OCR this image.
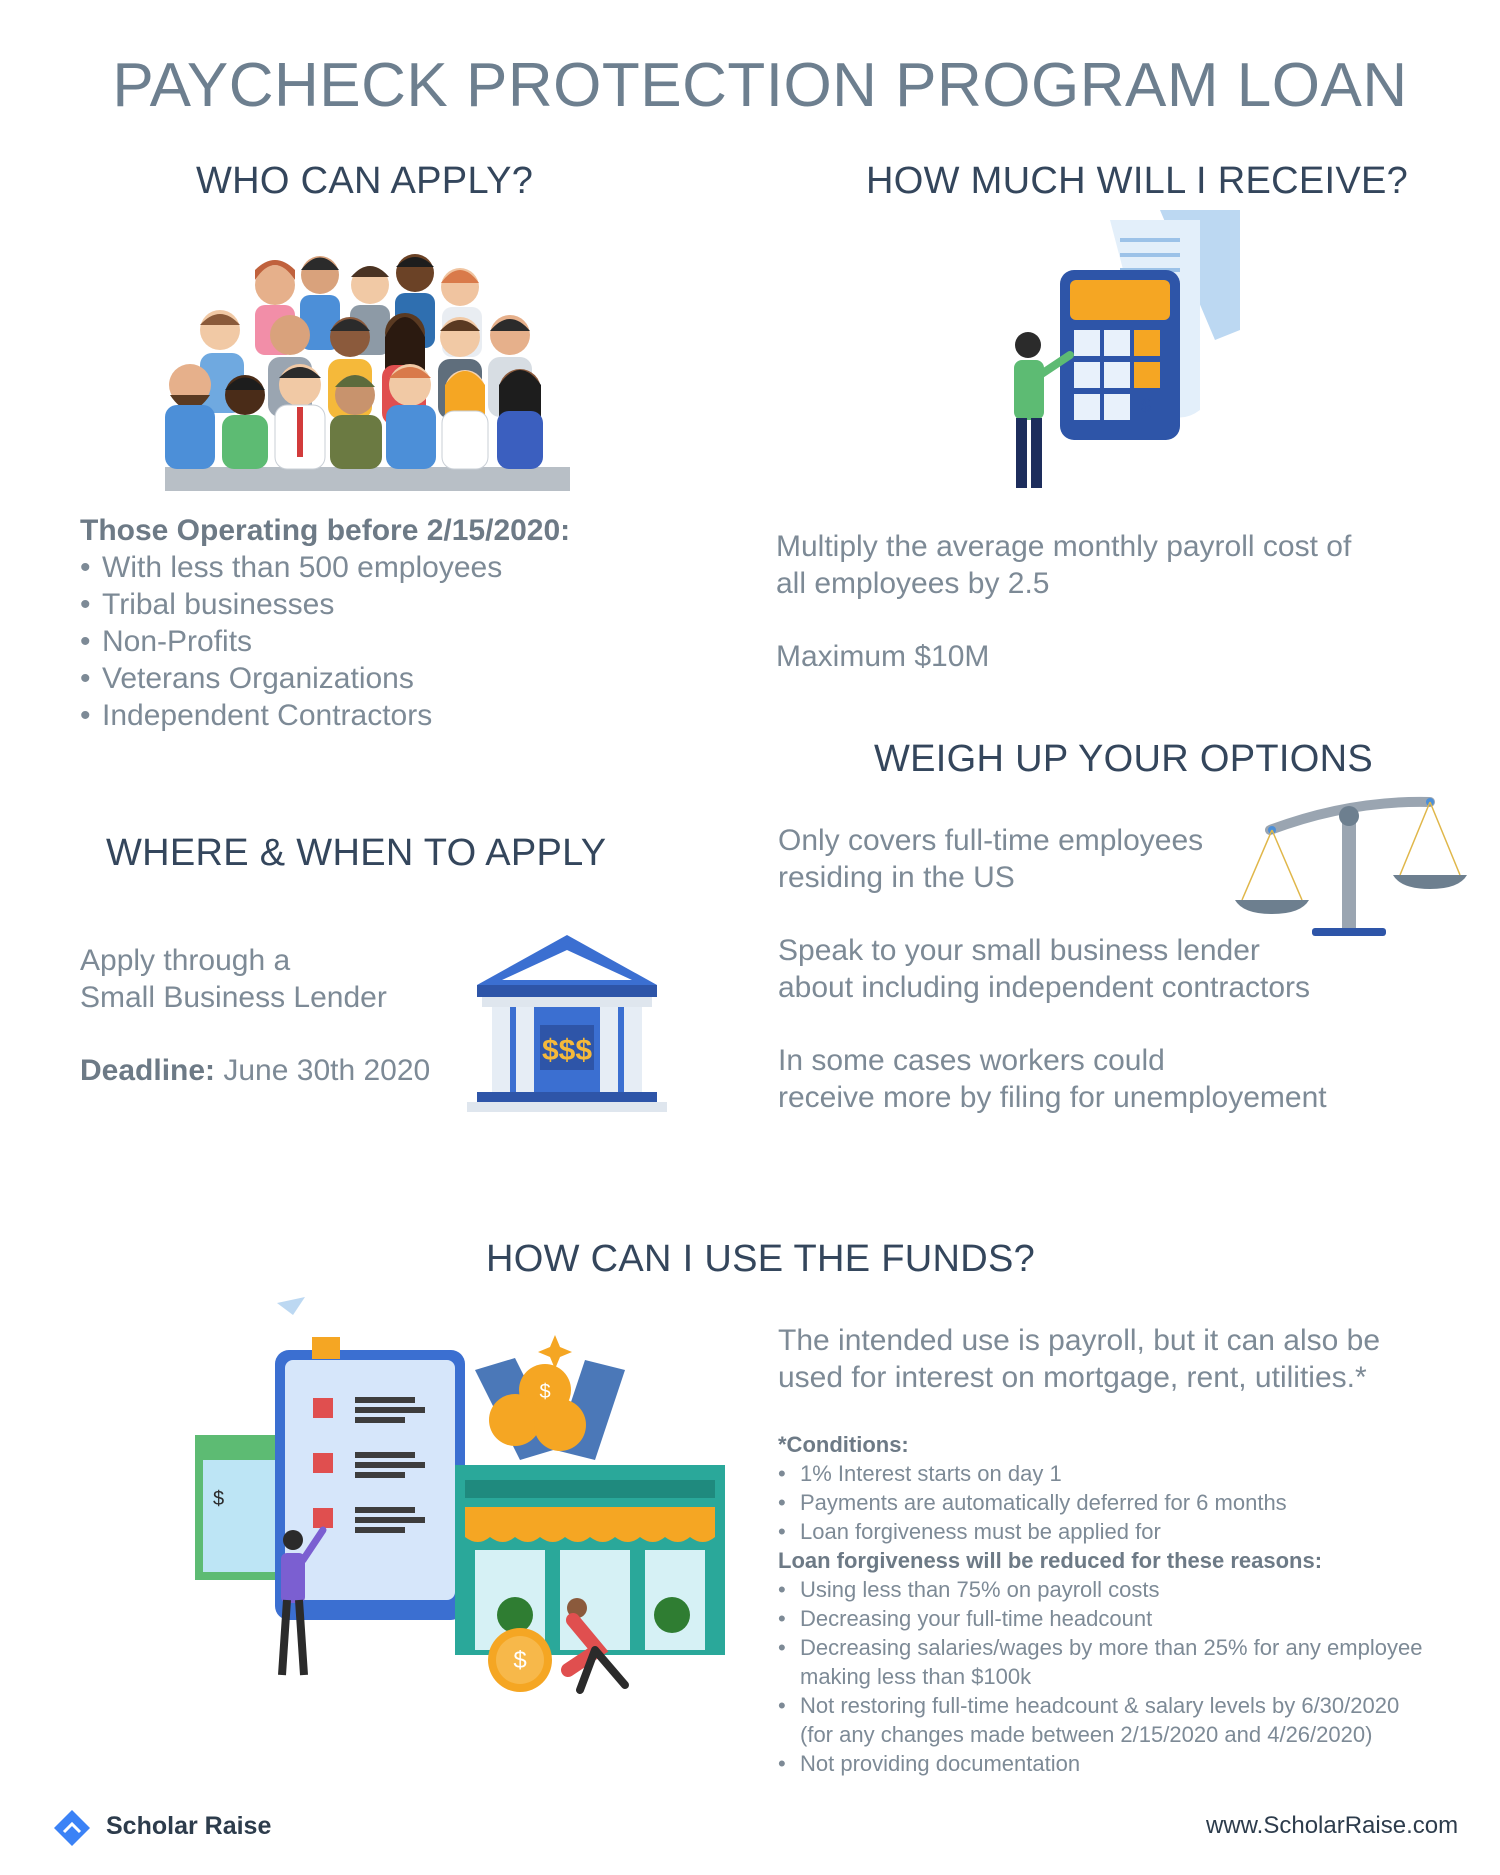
PAYCHECK PROTECTION PROGRAM LOAN
WHO CAN APPLY?
Those Operating before 2/15/2020:
• With less than 500 employees
• Tribal businesses
• Non-Profits
• Veterans Organizations
• Independent Contractors
HOW MUCH WILL I RECEIVE?
$
Multiply the average monthly payroll cost of
all employees by 2.5
Maximum $10M
WHERE & WHEN TO APPLY
Apply through a
Small Business Lender
Deadline: June 30th 2020
$$$
WEIGH UP YOUR OPTIONS
Only covers full-time employees
residing in the US
Speak to your small business lender
about including independent contractors
In some cases workers could
receive more by filing for unemployement
HOW CAN I USE THE FUNDS?
$
$
$
The intended use is payroll, but it can also be
used for interest on mortgage, rent, utilities.*
*Conditions:
• 1% Interest starts on day 1
• Payments are automatically deferred for 6 months
• Loan forgiveness must be applied for
Loan forgiveness will be reduced for these reasons:
• Using less than 75% on payroll costs
• Decreasing your full-time headcount
• Decreasing salaries/wages by more than 25% for any employee
making less than $100k
• Not restoring full-time headcount & salary levels by 6/30/2020
(for any changes made between 2/15/2020 and 4/26/2020)
• Not providing documentation
Scholar Raise	www.ScholarRaise.com
